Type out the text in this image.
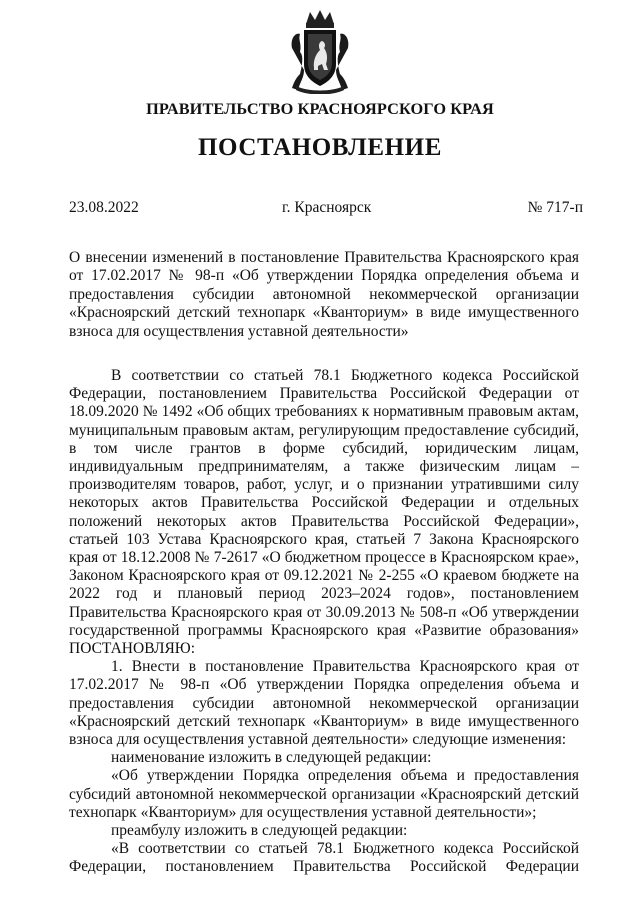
ПРАВИТЕЛЬСТВО КРАСНОЯРСКОГО КРАЯ
ПОСТАНОВЛЕНИЕ
23.08.2022	г. Красноярск	№ 717-п
О внесении изменений в постановление Правительства Красноярского края от 17.02.2017 № 98-п «Об утверждении Порядка определения объема и предоставления субсидии автономной некоммерческой организации «Красноярский детский технопарк «Кванториум» в виде имущественного взноса для осуществления уставной деятельности»

В соответствии со статьей 78.1 Бюджетного кодекса Российской Федерации, постановлением Правительства Российской Федерации от 18.09.2020 № 1492 «Об общих требованиях к нормативным правовым актам, муниципальным правовым актам, регулирующим предоставление субсидий, в том числе грантов в форме субсидий, юридическим лицам, индивидуальным предпринимателям, а также физическим лицам – производителям товаров, работ, услуг, и о признании утратившими силу некоторых актов Правительства Российской Федерации и отдельных положений некоторых актов Правительства Российской Федерации», статьей 103 Устава Красноярского края, статьей 7 Закона Красноярского края от 18.12.2008 № 7-2617 «О бюджетном процессе в Красноярском крае», Законом Красноярского края от 09.12.2021 № 2-255 «О краевом бюджете на 2022 год и плановый период 2023–2024 годов», постановлением Правительства Красноярского края от 30.09.2013 № 508-п «Об утверждении государственной программы Красноярского края «Развитие образования» ПОСТАНОВЛЯЮ:

1. Внести в постановление Правительства Красноярского края от 17.02.2017 № 98-п «Об утверждении Порядка определения объема и предоставления субсидии автономной некоммерческой организации «Красноярский детский технопарк «Кванториум» в виде имущественного взноса для осуществления уставной деятельности» следующие изменения:

наименование изложить в следующей редакции:

«Об утверждении Порядка определения объема и предоставления субсидий автономной некоммерческой организации «Красноярский детский технопарк «Кванториум» для осуществления уставной деятельности»;

преамбулу изложить в следующей редакции:

«В соответствии со статьей 78.1 Бюджетного кодекса Российской Федерации, постановлением Правительства Российской Федерации
